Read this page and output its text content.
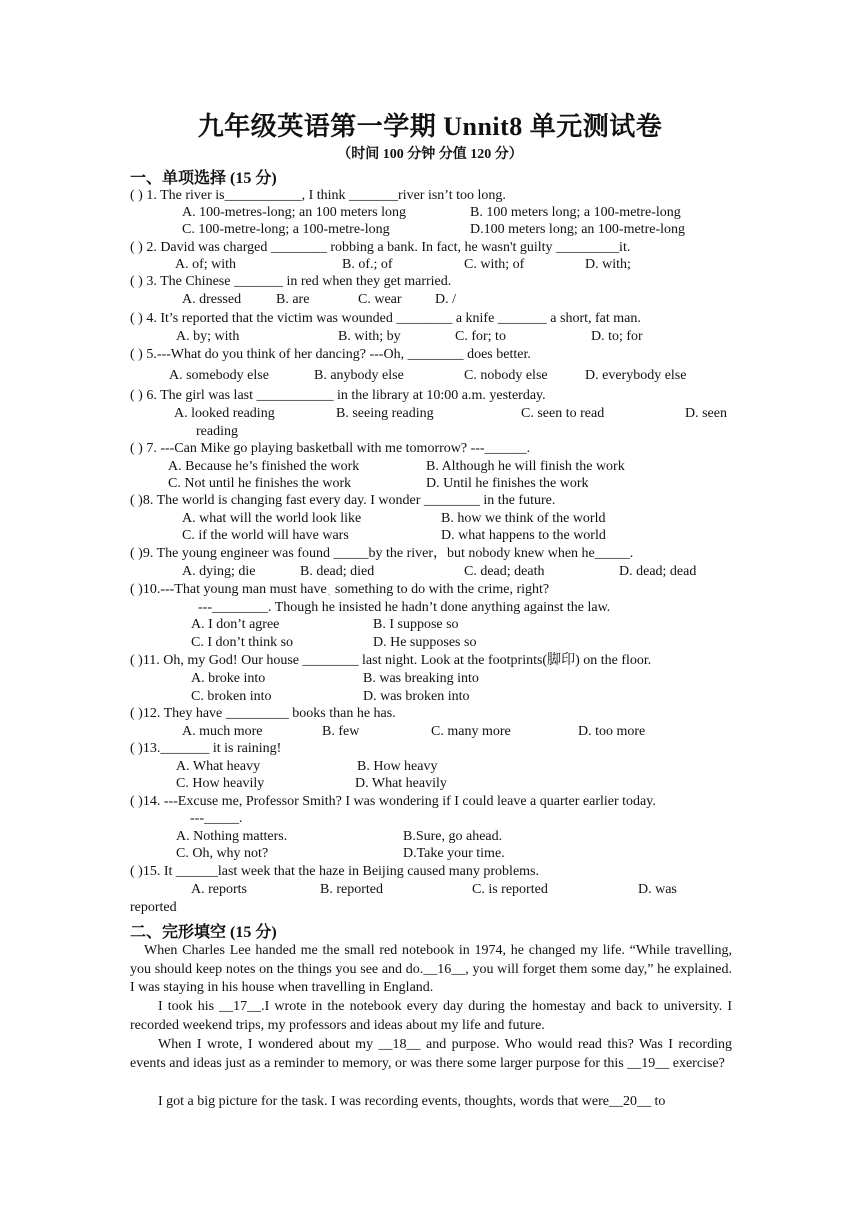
九年级英语第一学期 Unnit8 单元测试卷
（时间 100 分钟 分值 120 分）
一、单项选择 (15 分)
( ) 1. The river is___________, I think _______river isn’t too long.
A. 100-metres-long; an 100 meters long	B. 100 meters long; a 100-metre-long
C. 100-metre-long; a 100-metre-long	D.100 meters long; an 100-metre-long
( ) 2. David was charged ________ robbing a bank. In fact, he wasn't guilty _________it.
A. of; with	B. of.; of	C. with; of	D. with;
( ) 3. The Chinese _______ in red when they get married.
A. dressed B. are	C. wear D. /
( ) 4. It’s reported that the victim was wounded ________ a knife _______ a short, fat man.
A. by; with	B. with; by	C. for; to	D. to; for
( ) 5.---What do you think of her dancing? ---Oh, ________ does better.
A. somebody else	B. anybody else	C. nobody else	D. everybody else
( ) 6. The girl was last ___________ in the library at 10:00 a.m. yesterday.
A. looked reading	B. seeing reading	C. seen to read	D. seen
reading
( ) 7. ---Can Mike go playing basketball with me tomorrow? ---______.
A. Because he’s finished the work	B. Although he will finish the work
C. Not until he finishes the work	D. Until he finishes the work
( )8. The world is changing fast every day. I wonder ________ in the future.
A. what will the world look like	B. how we think of the world
C. if the world will have wars	D. what happens to the world
( )9. The young engineer was found _____by the river，but nobody knew when he_____.
A. dying; die	B. dead; died	C. dead; death	D. dead; dead
( )10.---That young man must have˯ something to do with the crime, right?
---________. Though he insisted he hadn’t done anything against the law.
A. I don’t agree	B. I suppose so
C. I don’t think so	D. He supposes so
( )11. Oh, my God! Our house ________ last night. Look at the footprints(脚印) on the floor.
A. broke into	B. was breaking into
C. broken into	D. was broken into
( )12. They have _________ books than he has.
A. much more	B. few	C. many more	D. too more
( )13._______ it is raining!
A. What heavy	B. How heavy
C. How heavily	D. What heavily
( )14. ---Excuse me, Professor Smith? I was wondering if I could leave a quarter earlier today.
---_____.
A. Nothing matters.	B.Sure, go ahead.
C. Oh, why not?	D.Take your time.
( )15. It ______last week that the haze in Beijing caused many problems.
A. reports	B. reported	C. is reported	D. was
reported
二、完形填空 (15 分)
When Charles Lee handed me the small red notebook in 1974, he changed my life. “While travelling, you should keep notes on the things you see and do.__16__, you will forget them some day,” he explained. I was staying in his house when travelling in England.
I took his __17__.I wrote in the notebook every day during the homestay and back to university. I recorded weekend trips, my professors and ideas about my life and future.
When I wrote, I wondered about my __18__ and purpose. Who would read this? Was I recording events and ideas just as a reminder to memory, or was there some larger purpose for this __19__ exercise?
I got a big picture for the task. I was recording events, thoughts, words that were__20__ to
